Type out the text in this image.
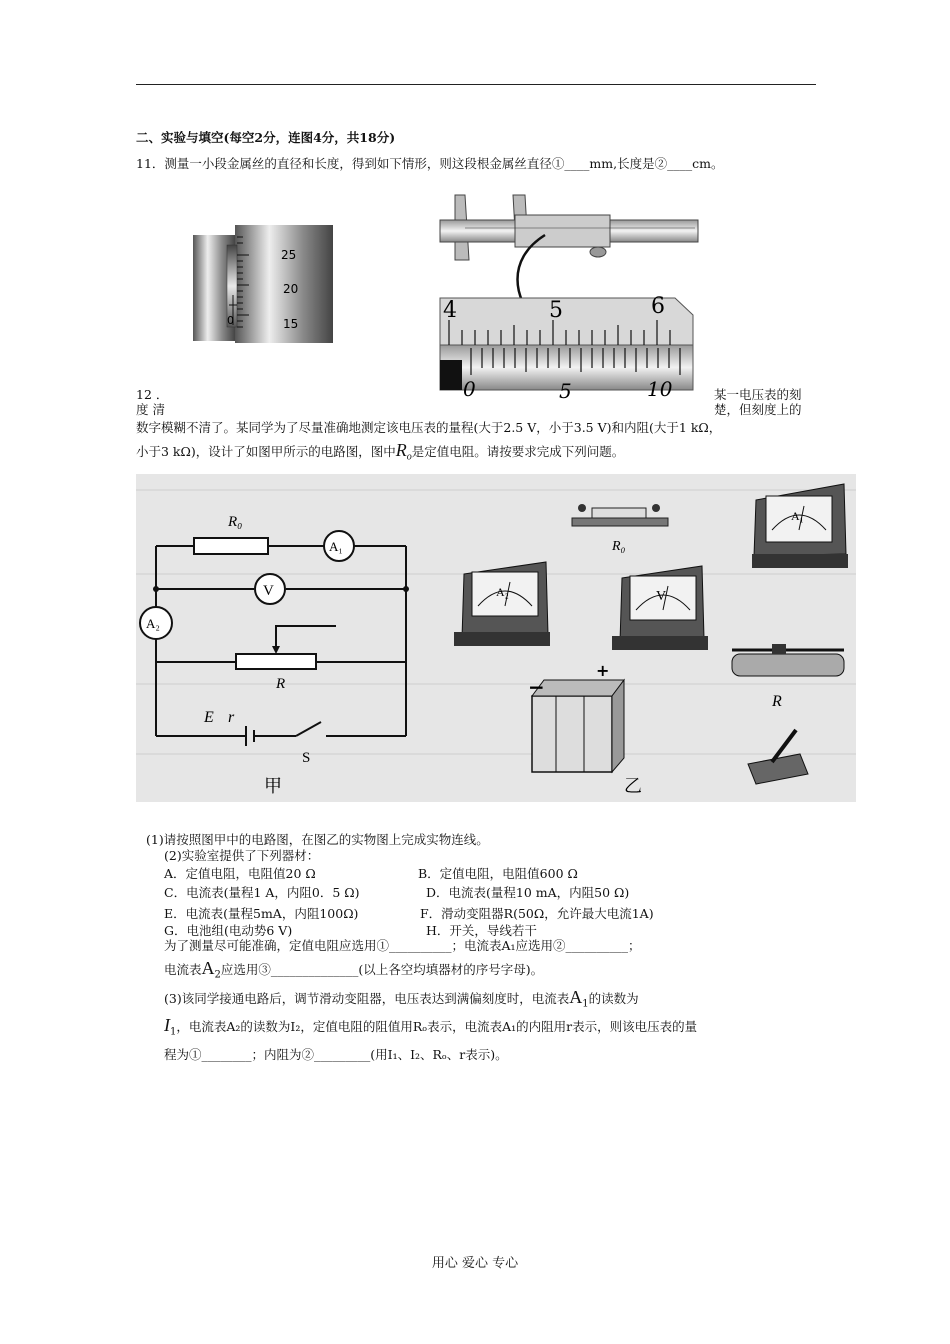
二、实验与填空(每空2分，连图4分，共18分)
11．测量一小段金属丝的直径和长度，得到如下情形，则这段根金属丝直径①____mm,长度是②____cm。
25
20
0	15
4	5	6
0	5	10
12 ．	某一电压表的刻
度 清	楚，但刻度上的
数字模糊不清了。某同学为了尽量准确地测定该电压表的量程(大于2.5 V，小于3.5 V)和内阻(大于1 kΩ，
小于3 kΩ)，设计了如图甲所示的电路图，图中$R_o$是定值电阻。请按要求完成下列问题。
R₀
A₁
V
A₂
R
E r
S
甲
R₀
A₁
A₂	V
R
−
+
乙
(1)请按照图甲中的电路图，在图乙的实物图上完成实物连线。
(2)实验室提供了下列器材：
A．定值电阻，电阻值20 Ω	B．定值电阻，电阻值600 Ω
C．电流表(量程1 A，内阻0．5 Ω)	D．电流表(量程10 mA，内阻50 Ω)
E．电流表(量程5mA，内阻100Ω)	F．滑动变阻器R(50Ω，允许最大电流1A)
G．电池组(电动势6 V)	H．开关，导线若干
为了测量尽可能准确，定值电阻应选用①__________；电流表A₁应选用②__________；
电流表$A_2$应选用③______________(以上各空均填器材的序号字母)。
(3)该同学接通电路后，调节滑动变阻器，电压表达到满偏刻度时，电流表$A_1$的读数为
$I_1$，电流表A₂的读数为I₂，定值电阻的阻值用Rₒ表示，电流表A₁的内阻用r表示，则该电压表的量
程为①________；内阻为②_________(用I₁、I₂、Rₒ、r表示)。
用心 爱心 专心
